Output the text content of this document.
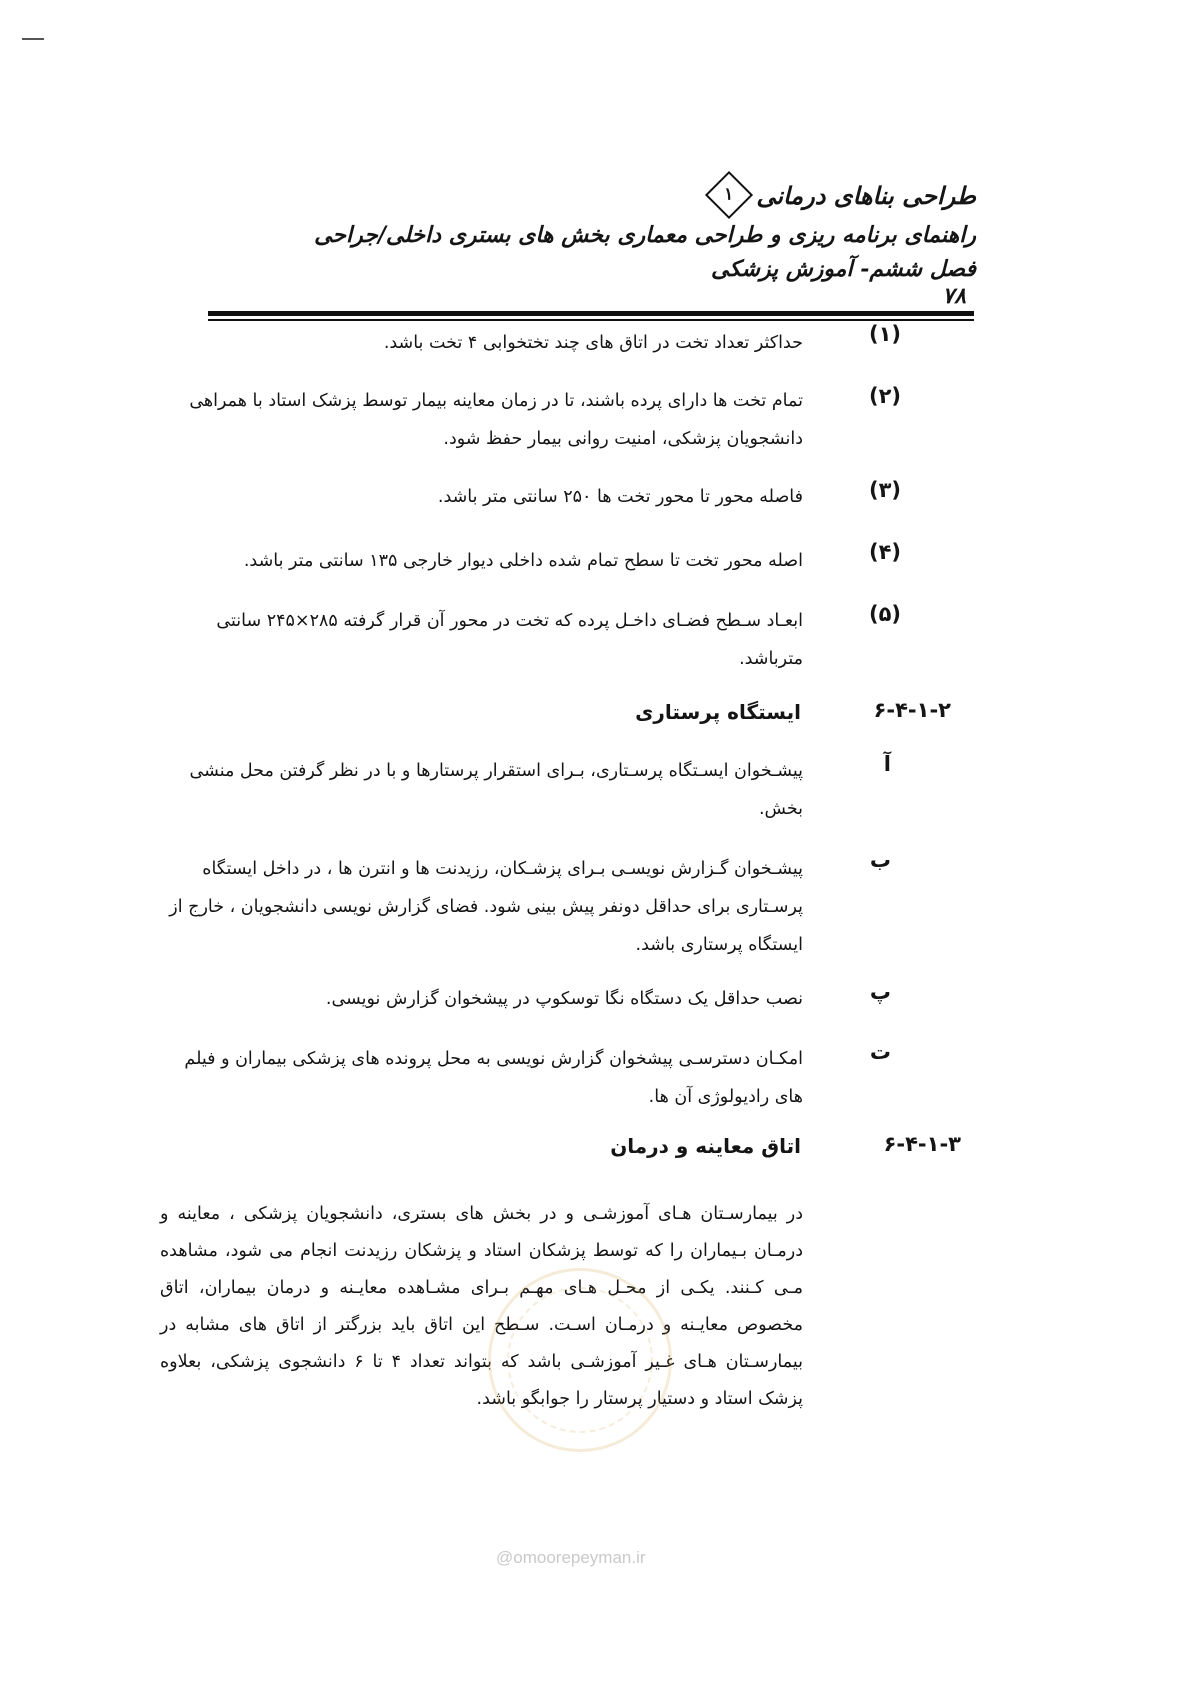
طراحی بناهای درمانی
۱
راهنمای برنامه ریزی و طراحی معماری بخش های بستری داخلی/جراحی
فصل ششم- آموزش پزشکی
۷۸
(۱)
حداکثر تعداد تخت در اتاق های چند تختخوابی ۴ تخت باشد.
(۲)
تمام تخت ها دارای پرده باشند، تا در زمان معاینه بیمار توسط پزشک استاد با همراهی دانشجویان پزشکی، امنیت روانی بیمار حفظ شود.
(۳)
فاصله محور تا محور تخت ها ۲۵۰ سانتی متر باشد.
(۴)
اصله محور تخت تا سطح تمام شده داخلی دیوار خارجی ۱۳۵ سانتی متر باشد.
(۵)
ابعـاد سـطح فضـای داخـل پرده که تخت در محور آن قرار گرفته ۲۸۵×۲۴۵ سانتی مترباشد.
۶-۴-۱-۲
ایستگاه پرستاری
آ
پیشـخوان ایسـتگاه پرسـتاری، بـرای استقرار پرستارها و با در نظر گرفتن محل منشی بخش.
ب
پیشـخوان گـزارش نویسـی بـرای پزشـکان، رزیدنت ها و انترن ها ، در داخل ایستگاه پرسـتاری برای حداقل دونفر پیش بینی شود. فضای گزارش نویسی دانشجویان ، خارج از ایستگاه پرستاری باشد.
پ
نصب حداقل یک دستگاه نگا توسکوپ در پیشخوان گزارش نویسی.
ت
امکـان دسترسـی پیشخوان گزارش نویسی به محل پرونده های پزشکی بیماران و فیلم های رادیولوژی آن ها.
۶-۴-۱-۳
اتاق معاینه و درمان
در بیمارسـتان هـای آموزشـی و در بخش های بستری، دانشجویان پزشکی ، معاینه و درمـان بـیماران را که توسط پزشکان استاد و پزشکان رزیدنت انجام می شود، مشاهده مـی کـنند. یکـی از محـل هـای مهـم بـرای مشـاهده معایـنه و درمان بیماران، اتاق مخصوص معایـنه و درمـان اسـت. سـطح این اتاق باید بزرگتر از اتاق های مشابه در بیمارسـتان هـای غـیر آموزشـی باشد که بتواند تعداد ۴ تا ۶ دانشجوی پزشکی، بعلاوه پزشک استاد و دستیار پرستار را جوابگو باشد.
@omoorepeyman.ir
